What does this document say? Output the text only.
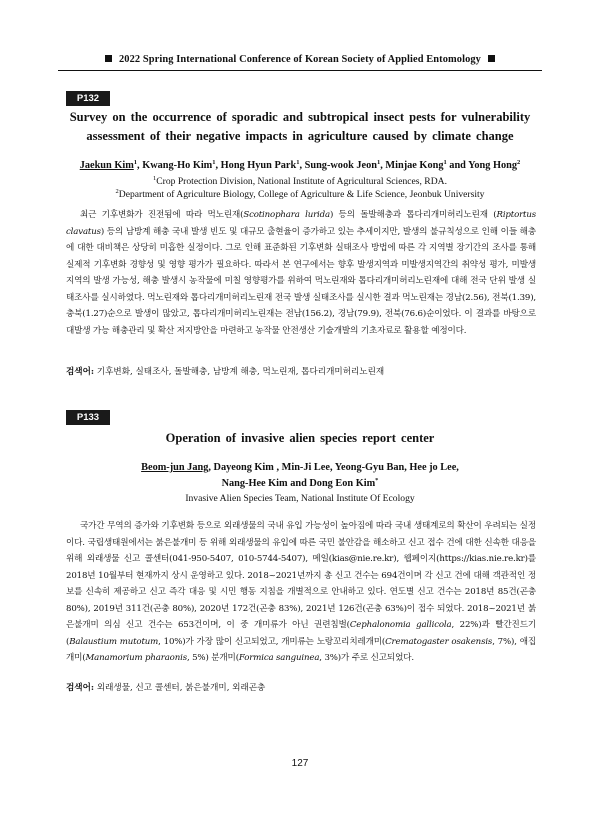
2022 Spring International Conference of Korean Society of Applied Entomology
P132
Survey on the occurrence of sporadic and subtropical insect pests for vulnerability
assessment of their negative impacts in agriculture caused by climate change
Jaekun Kim$^1$, Kwang-Ho Kim$^1$, Hong Hyun Park$^1$, Sung-wook Jeon$^1$, Minjae Kong$^1$ and Yong Hong$^2$
$^1$Crop Protection Division, National Institute of Agricultural Sciences, RDA.
$^2$Department of Agriculture Biology, College of Agriculture & Life Science, Jeonbuk University

최근 기후변화가 진전됨에 따라 먹노린재(Scotinophara lurida) 등의 돌발해충과 톱다리개미허리노린재 (Riptortus clavatus) 등의 남방계 해충 국내 발생 빈도 및 대규모 출현율이 증가하고 있는 추세이지만, 발생의 불규칙성으로 인해 이들 해충에 대한 대비책은 상당히 미흡한 실정이다. 그로 인해 표준화된 기후변화 실태조사 방법에 따른 각 지역별 장기간의 조사를 통해 실제적 기후변화 경향성 및 영향 평가가 필요하다. 따라서 본 연구에서는 향후 발생지역과 미발생지역간의 취약성 평가, 미발생 지역의 발생 가능성, 해충 발생시 농작물에 미칠 영향평가를 위하여 먹노린재와 톱다리개미허리노린재에 대해 전국 단위 발생 실태조사를 실시하였다. 먹노린재와 톱다리개미허리노린재 전국 발생 실태조사를 실시한 결과 먹노린재는 경남(2.56), 전북(1.39), 충북(1.27)순으로 발생이 많았고, 톱다리개미허리노린재는 전남(156.2), 경남(79.9), 전북(76.6)순이었다. 이 결과를 바탕으로 대발생 가능 해충관리 및 확산 저지방안을 마련하고 농작물 안전생산 기술개발의 기초자료로 활용할 예정이다.

검색어: 기후변화, 실태조사, 돌발해충, 남방계 해충, 먹노린재, 톱다리개미허리노린재
P133
Operation of invasive alien species report center
Beom-jun Jang, Dayeong Kim , Min-Ji Lee, Yeong-Gyu Ban, Hee jo Lee,
Nang-Hee Kim and Dong Eon Kim*
Invasive Alien Species Team, National Institute Of Ecology

국가간 무역의 증가와 기후변화 등으로 외래생물의 국내 유입 가능성이 높아짐에 따라 국내 생태계로의 확산이 우려되는 실정이다. 국립생태원에서는 붉은불개미 등 위해 외래생물의 유입에 따른 국민 불안감을 해소하고 신고 접수 건에 대한 신속한 대응을 위해 외래생물 신고 콜센터(041-950-5407, 010-5744-5407), 메일(kias@nie.re.kr), 웹페이지(https://kias.nie.re.kr)를 2018년 10월부터 현재까지 상시 운영하고 있다. 2018~2021년까지 총 신고 건수는 694건이며 각 신고 건에 대해 객관적인 정보를 신속히 제공하고 신고 즉각 대응 및 시민 행동 지침을 개별적으로 안내하고 있다. 연도별 신고 건수는 2018년 85건(곤충 80%), 2019년 311건(곤충 80%), 2020년 172건(곤충 83%), 2021년 126건(곤충 63%)이 접수 되었다. 2018~2021년 붉은불개미 의심 신고 건수는 653건이며, 이 중 개미류가 아닌 권련침벌(Cephalonomia gallicola, 22%)과 빨간진드기(Balaustium mutotum, 10%)가 가장 많이 신고되었고, 개미류는 노랑꼬리치레개미(Crematogaster osakensis, 7%), 애집개미(Manamorium pharaonis, 5%) 분개미(Formica sanguinea, 3%)가 주로 신고되었다.

검색어: 외래생물, 신고 콜센터, 붉은불개미, 외래곤충
127
